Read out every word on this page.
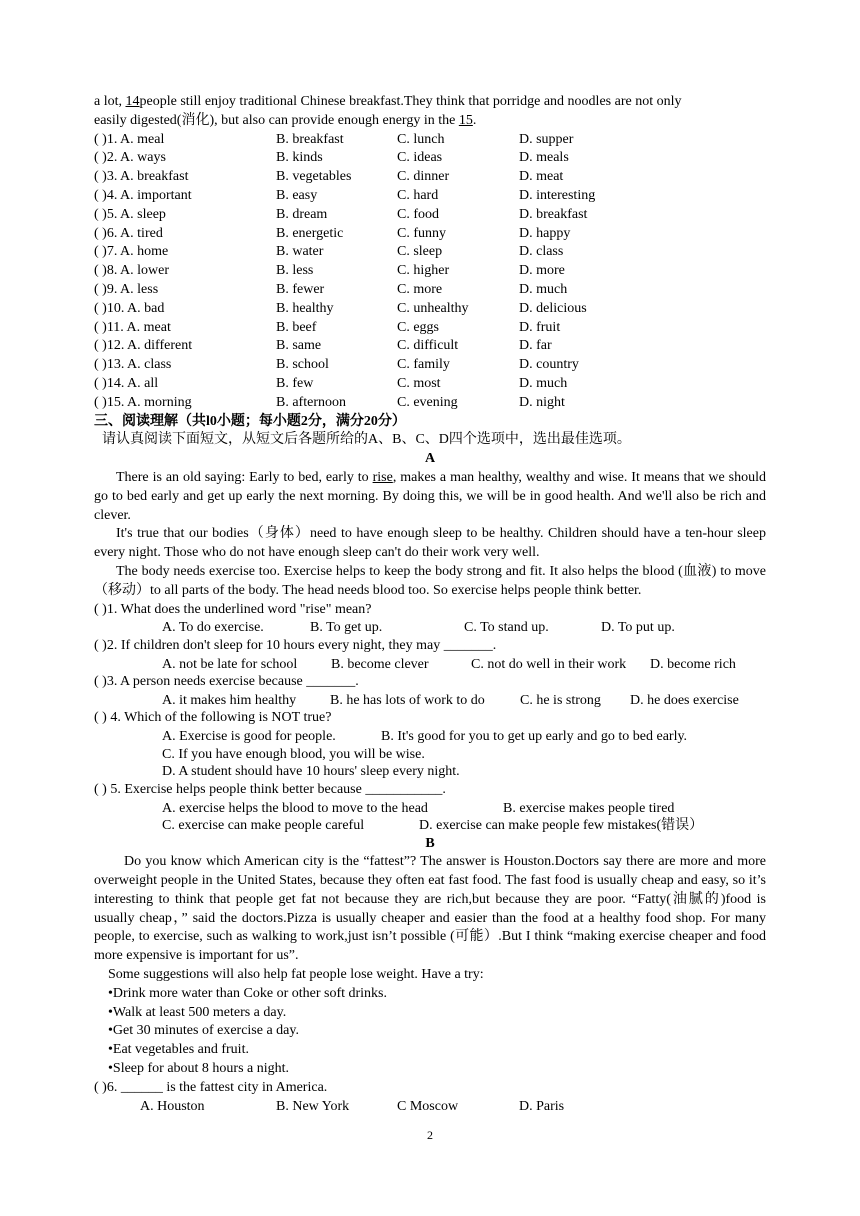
a lot, 14people still enjoy traditional Chinese breakfast.They think that porridge and noodles are not only
easily digested(消化), but also can provide enough energy in the 15.
( )1. A. meal	B. breakfast	C. lunch	D. supper
( )2. A. ways	B. kinds	C. ideas	D. meals
( )3. A. breakfast	B. vegetables	C. dinner	D. meat
( )4. A. important	B. easy	C. hard	D. interesting
( )5. A. sleep	B. dream	C. food	D. breakfast
( )6. A. tired	B. energetic	C. funny	D. happy
( )7. A. home	B. water	C. sleep	D. class
( )8. A. lower	B. less	C. higher	D. more
( )9. A. less	B. fewer	C. more	D. much
( )10. A. bad	B. healthy	C. unhealthy	D. delicious
( )11. A. meat	B. beef	C. eggs	D. fruit
( )12. A. different	B. same	C. difficult	D. far
( )13. A. class	B. school	C. family	D. country
( )14. A. all	B. few	C. most	D. much
( )15. A. morning	B. afternoon	C. evening	D. night
三、阅读理解（共l0小题；每小题2分，满分20分）
请认真阅读下面短文，从短文后各题所给的A、B、C、D四个选项中，选出最佳选项。
A
There is an old saying: Early to bed, early to rise, makes a man healthy, wealthy and wise. It means that we should go to bed early and get up early the next morning. By doing this, we will be in good health. And we'll also be rich and clever.
It's true that our bodies（身体）need to have enough sleep to be healthy. Children should have a ten-hour sleep every night. Those who do not have enough sleep can't do their work very well.
The body needs exercise too. Exercise helps to keep the body strong and fit. It also helps the blood (血液) to move（移动）to all parts of the body. The head needs blood too. So exercise helps people think better.
( )1. What does the underlined word "rise" mean?
A. To do exercise.	B. To get up.	C. To stand up.	D. To put up.
( )2. If children don't sleep for 10 hours every night, they may _______.
A. not be late for school B. become clever	C. not do well in their work D. become rich
( )3. A person needs exercise because _______.
A. it makes him healthy B. he has lots of work to do	C. he is strong D. he does exercise
( ) 4. Which of the following is NOT true?
A. Exercise is good for people.	B. It's good for you to get up early and go to bed early.
C. If you have enough blood, you will be wise.
D. A student should have 10 hours' sleep every night.
( ) 5. Exercise helps people think better because ___________.
A. exercise helps the blood to move to the head	B. exercise makes people tired
C. exercise can make people careful	D. exercise can make people few mistakes(错误）
B
Do you know which American city is the “fattest”? The answer is Houston.Doctors say there are more and more overweight people in the United States, because they often eat fast food. The fast food is usually cheap and easy, so it’s interesting to think that people get fat not because they are rich,but because they are poor. “Fatty(油腻的)food is usually cheap，” said the doctors.Pizza is usually cheaper and easier than the food at a healthy food shop. For many people, to exercise, such as walking to work,just isn’t possible (可能）.But I think “making exercise cheaper and food more expensive is important for us”.
Some suggestions will also help fat people lose weight. Have a try:
•Drink more water than Coke or other soft drinks.
•Walk at least 500 meters a day.
•Get 30 minutes of exercise a day.
•Eat vegetables and fruit.
•Sleep for about 8 hours a night.
( )6. ______ is the fattest city in America.
A. Houston	B. New York	C Moscow	D. Paris
2
